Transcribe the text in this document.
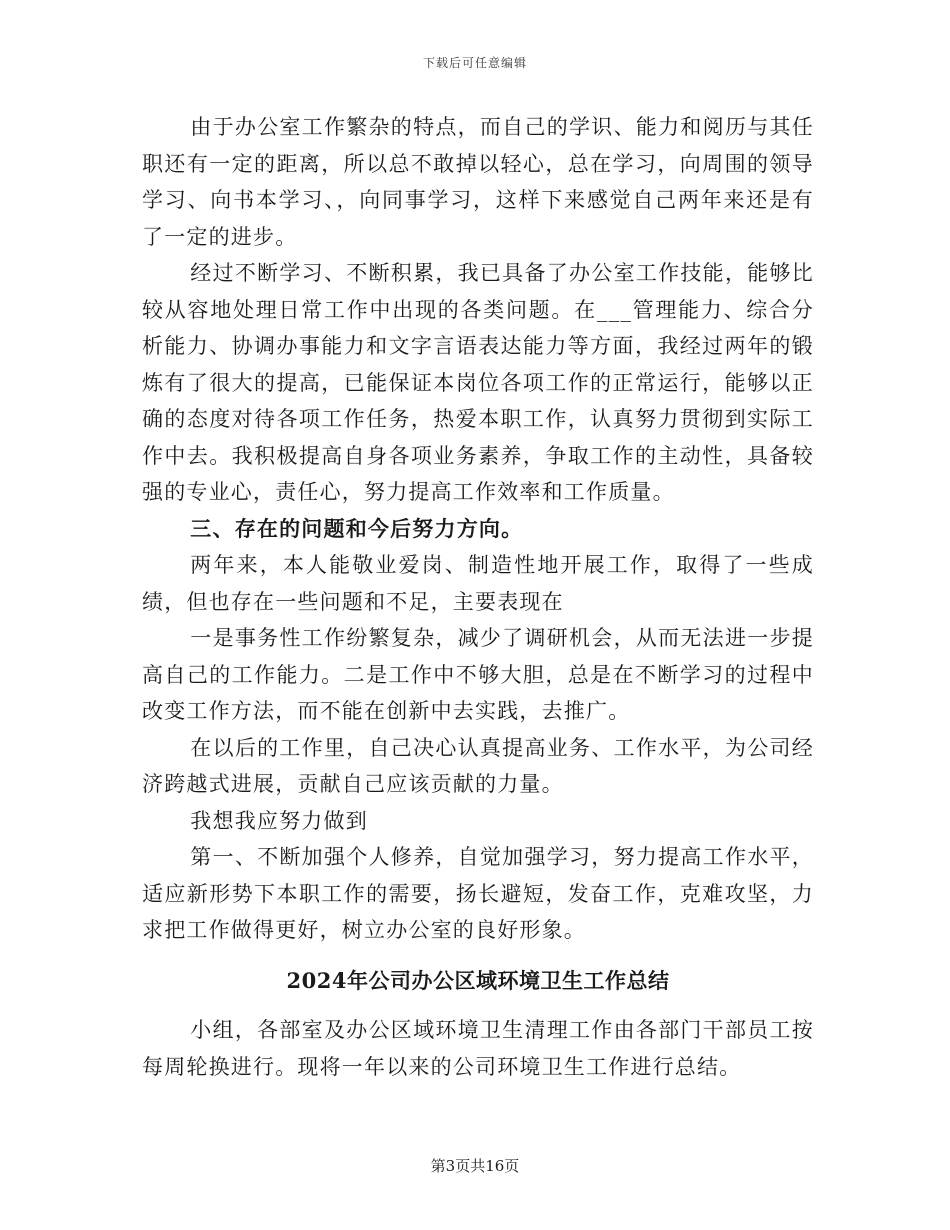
下载后可任意编辑

由于办公室工作繁杂的特点，而自己的学识、能力和阅历与其任职还有一定的距离，所以总不敢掉以轻心，总在学习，向周围的领导学习、向书本学习、，向同事学习，这样下来感觉自己两年来还是有了一定的进步。

经过不断学习、不断积累，我已具备了办公室工作技能，能够比较从容地处理日常工作中出现的各类问题。在___管理能力、综合分析能力、协调办事能力和文字言语表达能力等方面，我经过两年的锻炼有了很大的提高，已能保证本岗位各项工作的正常运行，能够以正确的态度对待各项工作任务，热爱本职工作，认真努力贯彻到实际工作中去。我积极提高自身各项业务素养，争取工作的主动性，具备较强的专业心，责任心，努力提高工作效率和工作质量。

三、存在的问题和今后努力方向。

两年来，本人能敬业爱岗、制造性地开展工作，取得了一些成绩，但也存在一些问题和不足，主要表现在

一是事务性工作纷繁复杂，减少了调研机会，从而无法进一步提高自己的工作能力。二是工作中不够大胆，总是在不断学习的过程中改变工作方法，而不能在创新中去实践，去推广。

在以后的工作里，自己决心认真提高业务、工作水平，为公司经济跨越式进展，贡献自己应该贡献的力量。

我想我应努力做到

第一、不断加强个人修养，自觉加强学习，努力提高工作水平，适应新形势下本职工作的需要，扬长避短，发奋工作，克难攻坚，力求把工作做得更好，树立办公室的良好形象。

2024年公司办公区域环境卫生工作总结

小组，各部室及办公区域环境卫生清理工作由各部门干部员工按每周轮换进行。现将一年以来的公司环境卫生工作进行总结。

第3页共16页
